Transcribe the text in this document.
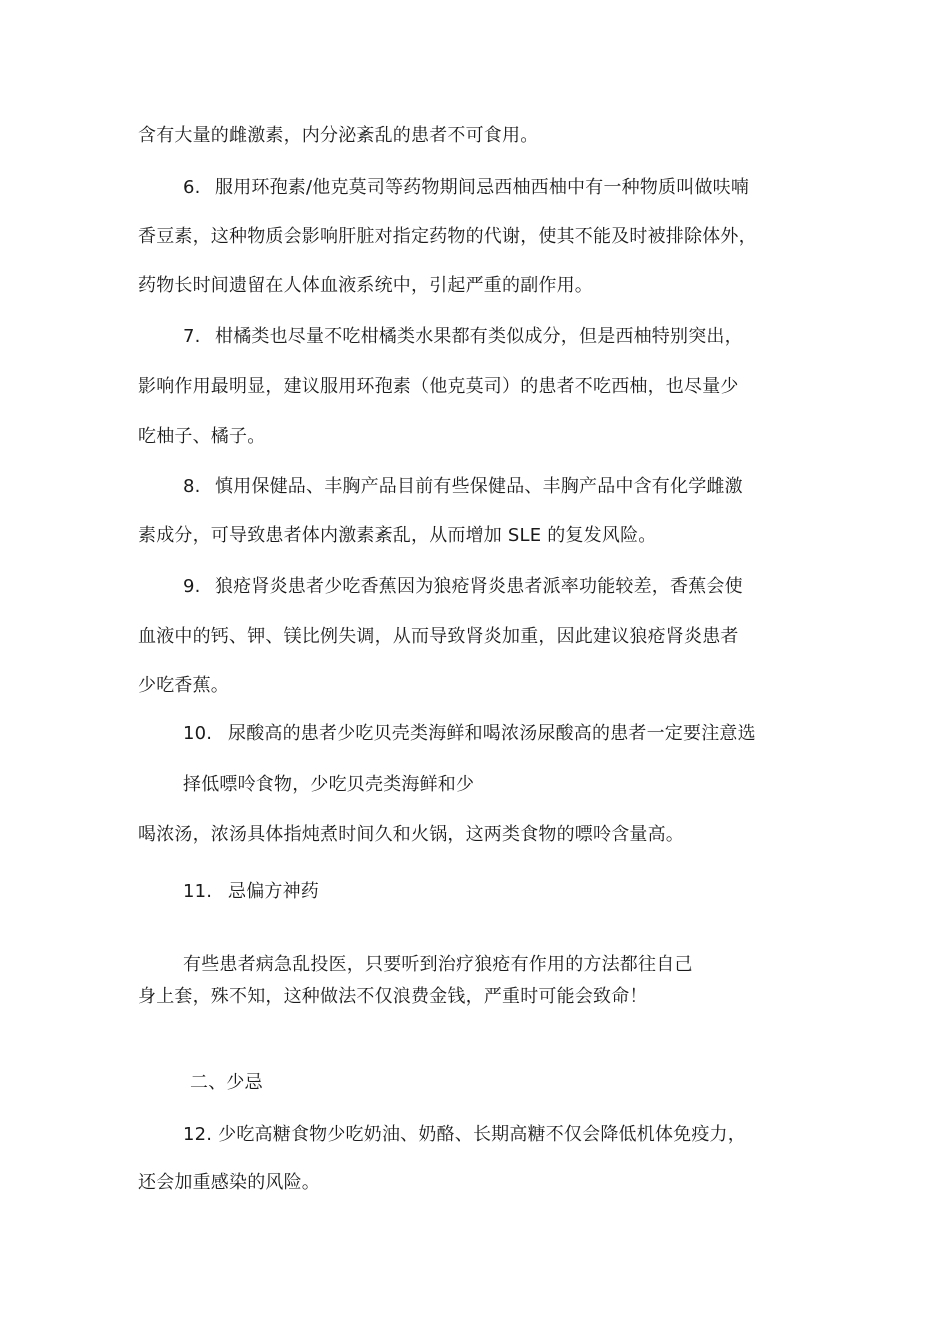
含有大量的雌激素，内分泌紊乱的患者不可食用。
6. 服用环孢素/他克莫司等药物期间忌西柚西柚中有一种物质叫做呋喃
香豆素，这种物质会影响肝脏对指定药物的代谢，使其不能及时被排除体外，
药物长时间遗留在人体血液系统中，引起严重的副作用。
7. 柑橘类也尽量不吃柑橘类水果都有类似成分，但是西柚特别突出，
影响作用最明显，建议服用环孢素（他克莫司）的患者不吃西柚，也尽量少
吃柚子、橘子。
8. 慎用保健品、丰胸产品目前有些保健品、丰胸产品中含有化学雌激
素成分，可导致患者体内激素紊乱，从而增加 SLE 的复发风险。
9. 狼疮肾炎患者少吃香蕉因为狼疮肾炎患者派率功能较差，香蕉会使
血液中的钙、钾、镁比例失调，从而导致肾炎加重，因此建议狼疮肾炎患者
少吃香蕉。
10. 尿酸高的患者少吃贝壳类海鲜和喝浓汤尿酸高的患者一定要注意选
择低嘌呤食物，少吃贝壳类海鲜和少
喝浓汤，浓汤具体指炖煮时间久和火锅，这两类食物的嘌呤含量高。
11. 忌偏方神药
有些患者病急乱投医，只要听到治疗狼疮有作用的方法都往自己
身上套，殊不知，这种做法不仅浪费金钱，严重时可能会致命！
二、少忌
12. 少吃高糖食物少吃奶油、奶酪、长期高糖不仅会降低机体免疫力，
还会加重感染的风险。
